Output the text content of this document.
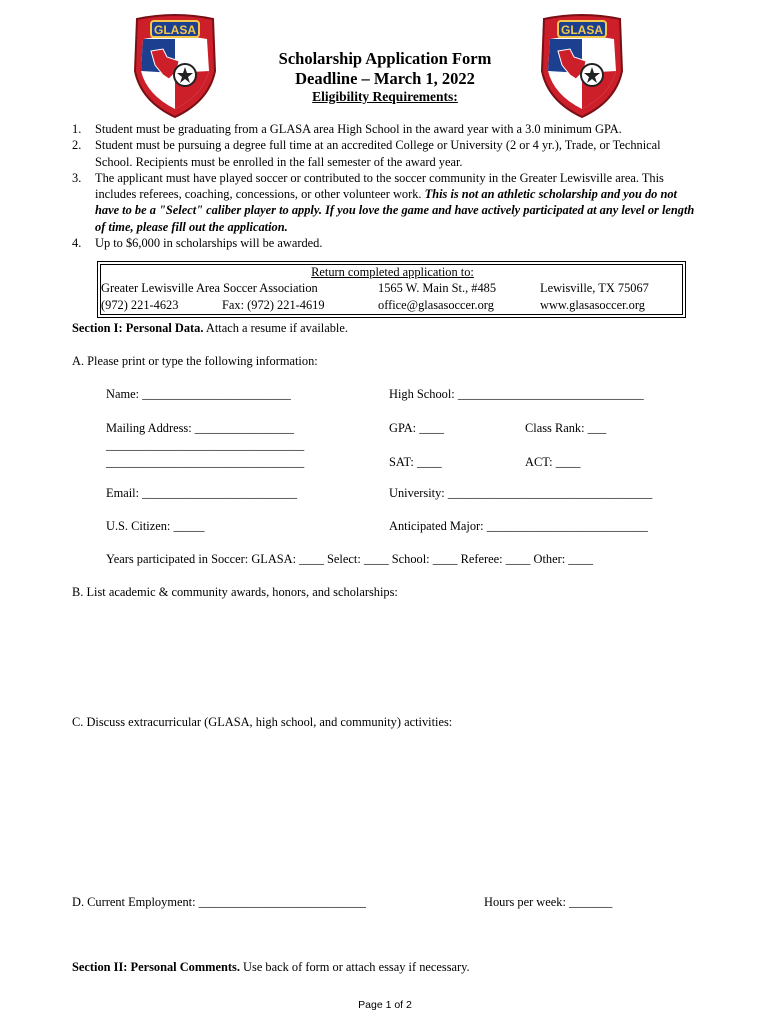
GLASA	GLASA
Scholarship Application Form
Deadline – March 1, 2022
Eligibility Requirements:
1. Student must be graduating from a GLASA area High School in the award year with a 3.0 minimum GPA.
2. Student must be pursuing a degree full time at an accredited College or University (2 or 4 yr.), Trade, or Technical School. Recipients must be enrolled in the fall semester of the award year.
3. The applicant must have played soccer or contributed to the soccer community in the Greater Lewisville area. This includes referees, coaching, concessions, or other volunteer work. This is not an athletic scholarship and you do not have to be a "Select" caliber player to apply. If you love the game and have actively participated at any level or length of time, please fill out the application.
4. Up to $6,000 in scholarships will be awarded.
Return completed application to:
Greater Lewisville Area Soccer Association	1565 W. Main St., #485	Lewisville, TX 75067
(972) 221-4623	Fax: (972) 221-4619	office@glasasoccer.org	www.glasasoccer.org
Section I: Personal Data. Attach a resume if available.
A. Please print or type the following information:
Name: ________________________	High School: ______________________________
Mailing Address: ________________
________________________________
________________________________
GPA: ____	Class Rank: ___
SAT: ____	ACT: ____
Email: _________________________	University: _________________________________
U.S. Citizen: _____	Anticipated Major: __________________________
Years participated in Soccer: GLASA: ____ Select: ____ School: ____ Referee: ____ Other: ____
B. List academic & community awards, honors, and scholarships:
C. Discuss extracurricular (GLASA, high school, and community) activities:
D. Current Employment: ___________________________	Hours per week: _______
Section II: Personal Comments. Use back of form or attach essay if necessary.
Page 1 of 2
